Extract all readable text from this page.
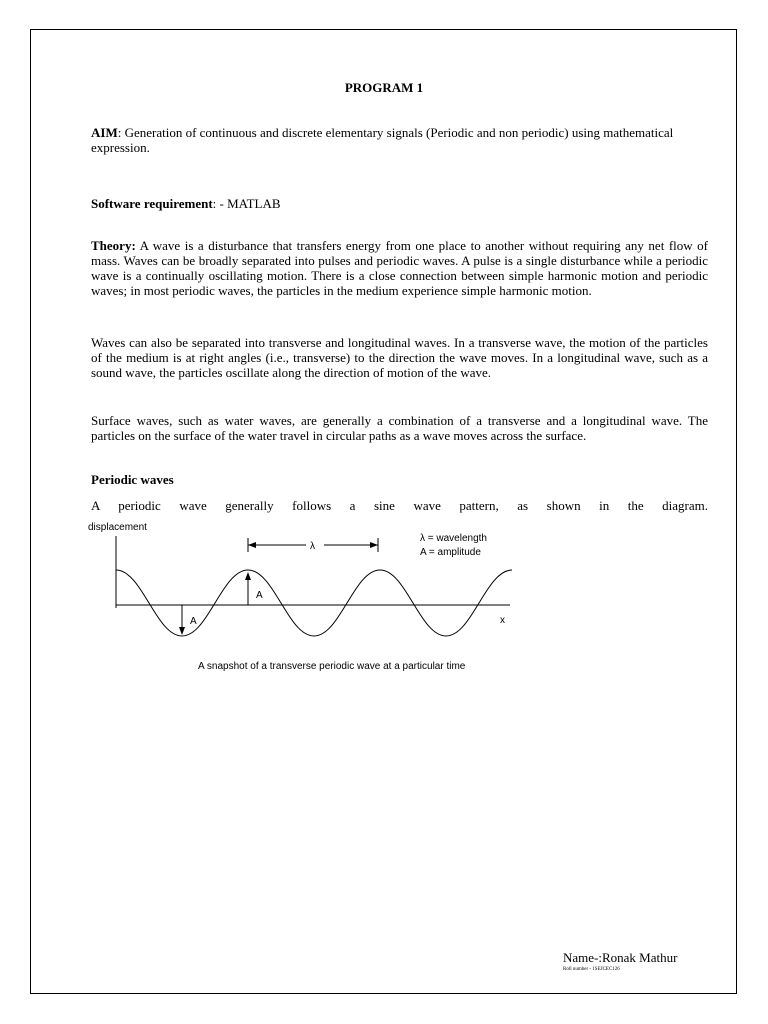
PROGRAM 1

AIM: Generation of continuous and discrete elementary signals (Periodic and non periodic) using mathematical expression.

Software requirement: - MATLAB

Theory: A wave is a disturbance that transfers energy from one place to another without requiring any net flow of mass. Waves can be broadly separated into pulses and periodic waves. A pulse is a single disturbance while a periodic wave is a continually oscillating motion. There is a close connection between simple harmonic motion and periodic waves; in most periodic waves, the particles in the medium experience simple harmonic motion.

Waves can also be separated into transverse and longitudinal waves. In a transverse wave, the motion of the particles of the medium is at right angles (i.e., transverse) to the direction the wave moves. In a longitudinal wave, such as a sound wave, the particles oscillate along the direction of motion of the wave.

Surface waves, such as water waves, are generally a combination of a transverse and a longitudinal wave. The particles on the surface of the water travel in circular paths as a wave moves across the surface.

Periodic waves

A periodic wave generally follows a sine wave pattern, as shown in the diagram.

displacement
x
λ
λ = wavelength
A = amplitude
A
A
A snapshot of a transverse periodic wave at a particular time
Name-:Ronak Mathur
Roll number - 1SEJCEC126
